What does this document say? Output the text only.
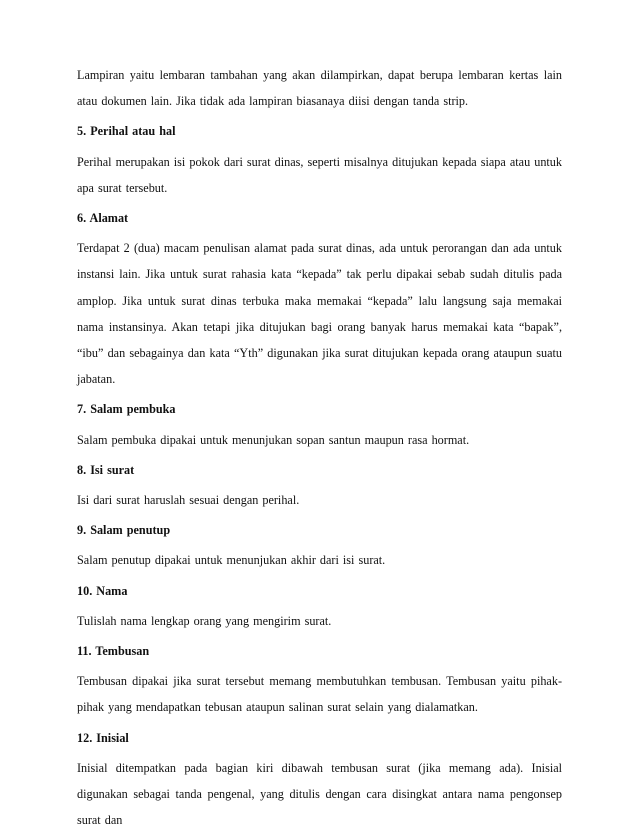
Lampiran yaitu lembaran tambahan yang akan dilampirkan, dapat berupa lembaran kertas lain atau dokumen lain. Jika tidak ada lampiran biasanaya diisi dengan tanda strip.

5. Perihal atau hal

Perihal merupakan isi pokok dari surat dinas, seperti misalnya ditujukan kepada siapa atau untuk apa surat tersebut.

6. Alamat

Terdapat 2 (dua) macam penulisan alamat pada surat dinas, ada untuk perorangan dan ada untuk instansi lain. Jika untuk surat rahasia kata “kepada” tak perlu dipakai sebab sudah ditulis pada amplop. Jika untuk surat dinas terbuka maka memakai “kepada” lalu langsung saja memakai nama instansinya. Akan tetapi jika ditujukan bagi orang banyak harus memakai kata “bapak”, “ibu” dan sebagainya dan kata “Yth” digunakan jika surat ditujukan kepada orang ataupun suatu jabatan.

7. Salam pembuka

Salam pembuka dipakai untuk menunjukan sopan santun maupun rasa hormat.

8. Isi surat

Isi dari surat haruslah sesuai dengan perihal.

9. Salam penutup

Salam penutup dipakai untuk menunjukan akhir dari isi surat.

10. Nama

Tulislah nama lengkap orang yang mengirim surat.

11. Tembusan

Tembusan dipakai jika surat tersebut memang membutuhkan tembusan. Tembusan yaitu pihak-pihak yang mendapatkan tebusan ataupun salinan surat selain yang dialamatkan.

12. Inisial

Inisial ditempatkan pada bagian kiri dibawah tembusan surat (jika memang ada). Inisial digunakan sebagai tanda pengenal, yang ditulis dengan cara disingkat antara nama pengonsep surat dan
